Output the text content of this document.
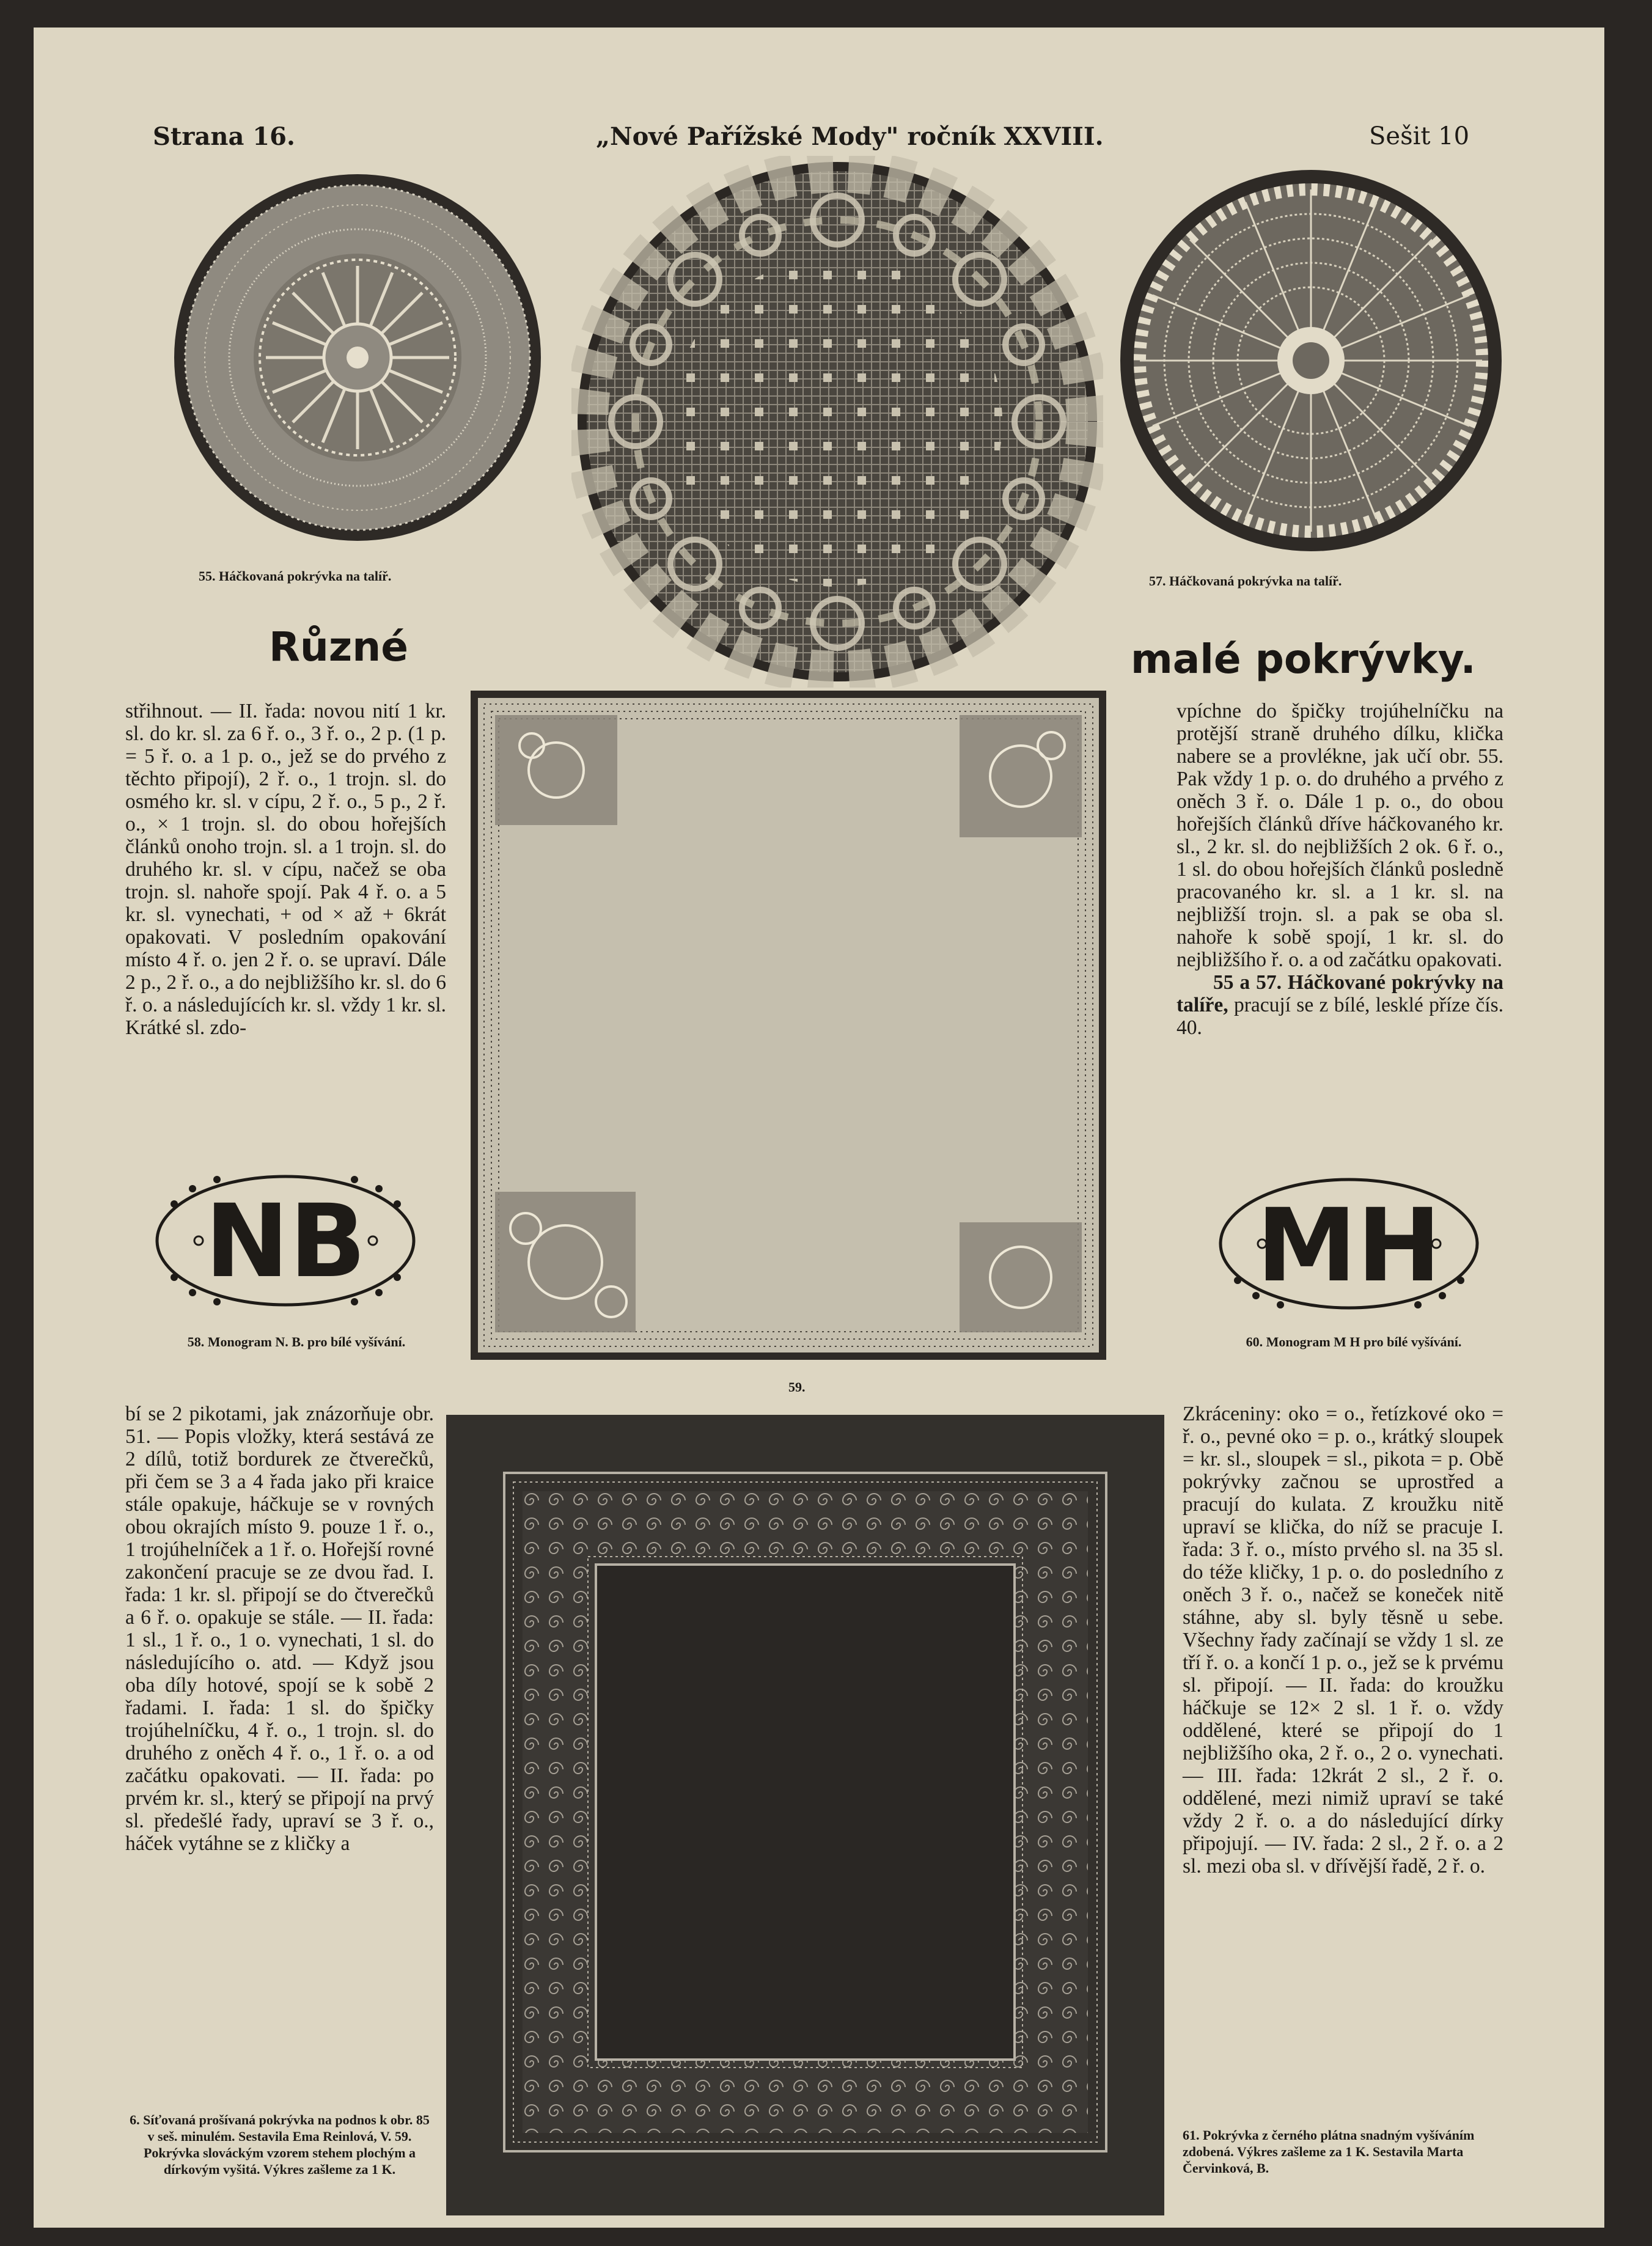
Strana 16.	„Nové Pařížské Mody" ročník XXVIII.	Sešit 10
55. Háčkovaná pokrývka na talíř.	57. Háčkovaná pokrývka na talíř.
Různé	malé pokrývky.

střihnout. — II. řada: novou nití 1 kr. sl. do kr. sl. za 6 ř. o., 3 ř. o., 2 p. (1 p. = 5 ř. o. a 1 p. o., jež se do prvého z těchto připojí), 2 ř. o., 1 trojn. sl. do osmého kr. sl. v cípu, 2 ř. o., 5 p., 2 ř. o., × 1 trojn. sl. do obou hořejších článků onoho trojn. sl. a 1 trojn. sl. do druhého kr. sl. v cípu, načež se oba trojn. sl. nahoře spojí. Pak 4 ř. o. a 5 kr. sl. vynechati, + od × až + 6krát opakovati. V posledním opakování místo 4 ř. o. jen 2 ř. o. se upraví. Dále 2 p., 2 ř. o., a do nejbližšího kr. sl. do 6 ř. o. a následujících kr. sl. vždy 1 kr. sl. Krátké sl. zdo-

59.

vpíchne do špičky trojúhelníčku na protější straně druhého dílku, klička nabere se a provlékne, jak učí obr. 55. Pak vždy 1 p. o. do druhého a prvého z oněch 3 ř. o. Dále 1 p. o., do obou hořejších článků dříve háčkovaného kr. sl., 2 kr. sl. do nejbližších 2 ok. 6 ř. o., 1 sl. do obou hořejších článků posledně pracovaného kr. sl. a 1 kr. sl. na nejbližší trojn. sl. a pak se oba sl. nahoře k sobě spojí, 1 kr. sl. do nejbližšího ř. o. a od začátku opakovati.

55 a 57. Háčkované pokrývky na talíře, pracují se z bílé, lesklé příze čís. 40.

NB
58. Monogram N. B. pro bílé vyšívání.
MH
60. Monogram M H pro bílé vyšívání.

bí se 2 pikotami, jak znázorňuje obr. 51. — Popis vložky, která sestává ze 2 dílů, totiž bordurek ze čtverečků, při čem se 3 a 4 řada jako při kraice stále opakuje, háčkuje se v rovných obou okrajích místo 9. pouze 1 ř. o., 1 trojúhelníček a 1 ř. o. Hořejší rovné zakončení pracuje se ze dvou řad. I. řada: 1 kr. sl. připojí se do čtverečků a 6 ř. o. opakuje se stále. — II. řada: 1 sl., 1 ř. o., 1 o. vynechati, 1 sl. do následujícího o. atd. — Když jsou oba díly hotové, spojí se k sobě 2 řadami. I. řada: 1 sl. do špičky trojúhelníčku, 4 ř. o., 1 trojn. sl. do druhého z oněch 4 ř. o., 1 ř. o. a od začátku opakovati. — II. řada: po prvém kr. sl., který se připojí na prvý sl. předešlé řady, upraví se 3 ř. o., háček vytáhne se z kličky a

6. Síťovaná prošívaná pokrývka na podnos k obr. 85 v seš. minulém. Sestavila Ema Reinlová, V. 59. Pokrývka slováckým vzorem stehem plochým a dírkovým vyšitá. Výkres zašleme za 1 K.

Zkráceniny: oko = o., řetízkové oko = ř. o., pevné oko = p. o., krátký sloupek = kr. sl., sloupek = sl., pikota = p. Obě pokrývky začnou se uprostřed a pracují do kulata. Z kroužku nitě upraví se klička, do níž se pracuje I. řada: 3 ř. o., místo prvého sl. na 35 sl. do téže kličky, 1 p. o. do posledního z oněch 3 ř. o., načež se koneček nitě stáhne, aby sl. byly těsně u sebe. Všechny řady začínají se vždy 1 sl. ze tří ř. o. a končí 1 p. o., jež se k prvému sl. připojí. — II. řada: do kroužku háčkuje se 12× 2 sl. 1 ř. o. vždy oddělené, které se připojí do 1 nejbližšího oka, 2 ř. o., 2 o. vynechati. — III. řada: 12krát 2 sl., 2 ř. o. oddělené, mezi nimiž upraví se také vždy 2 ř. o. a do následující dírky připojují. — IV. řada: 2 sl., 2 ř. o. a 2 sl. mezi oba sl. v dřívější řadě, 2 ř. o.

61. Pokrývka z černého plátna snadným vyšíváním zdobená. Výkres zašleme za 1 K. Sestavila Marta Červinková, B.
